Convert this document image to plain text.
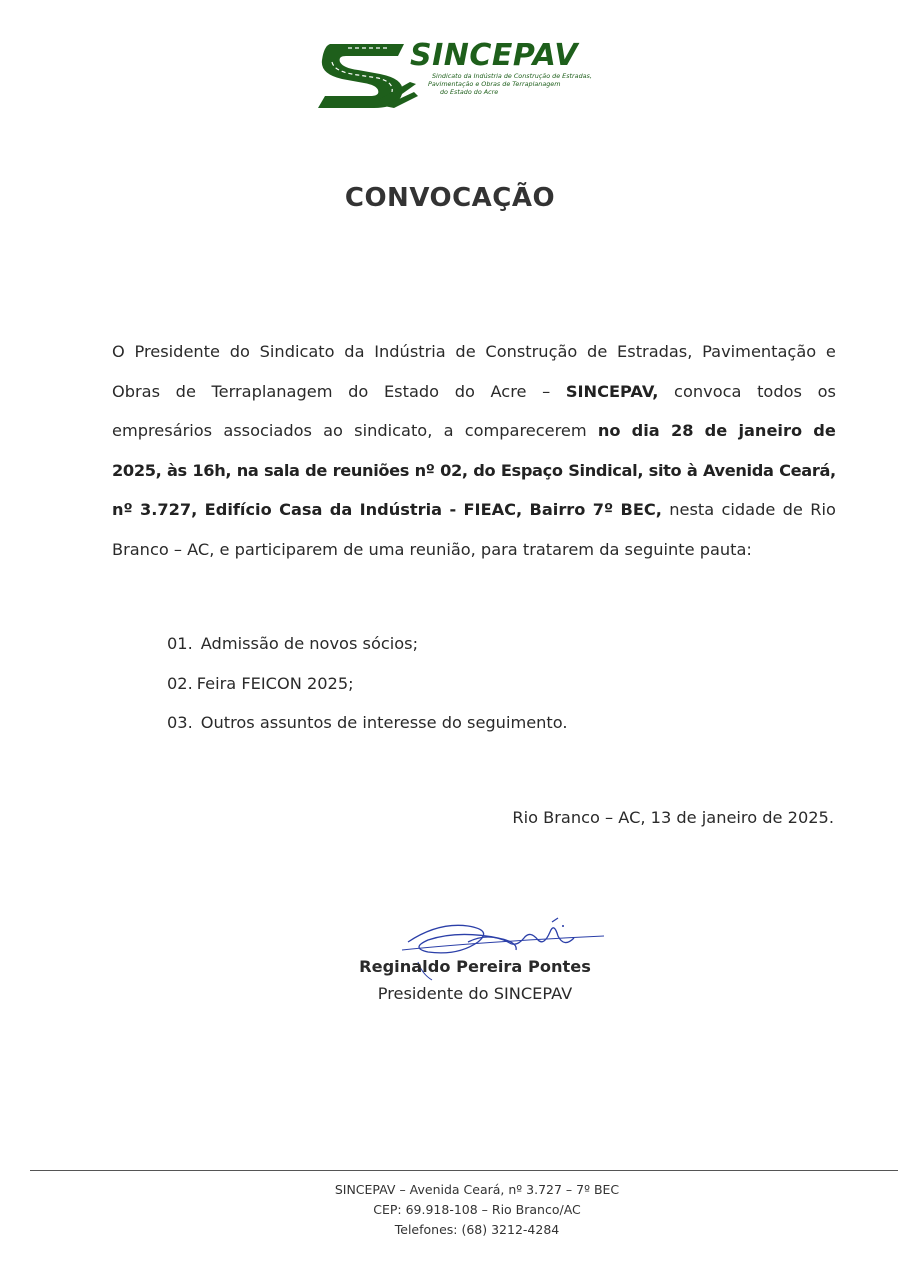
SINCEPAV
Sindicato da Indústria de Construção de Estradas,
Pavimentação e Obras de Terraplanagem
do Estado do Acre
CONVOCAÇÃO
O Presidente do Sindicato da Indústria de Construção de Estradas, Pavimentação e
Obras de Terraplanagem do Estado do Acre – SINCEPAV, convoca todos os
empresários associados ao sindicato, a comparecerem no dia 28 de janeiro de
2025, às 16h, na sala de reuniões nº 02, do Espaço Sindical, sito à Avenida Ceará,
nº 3.727, Edifício Casa da Indústria - FIEAC, Bairro 7º BEC, nesta cidade de Rio
Branco – AC, e participarem de uma reunião, para tratarem da seguinte pauta:
01. Admissão de novos sócios;
02. Feira FEICON 2025;
03. Outros assuntos de interesse do seguimento.
Rio Branco – AC, 13 de janeiro de 2025.
Reginaldo Pereira Pontes
Presidente do SINCEPAV
SINCEPAV – Avenida Ceará, nº 3.727 – 7º BEC
CEP: 69.918-108 – Rio Branco/AC
Telefones: (68) 3212-4284
